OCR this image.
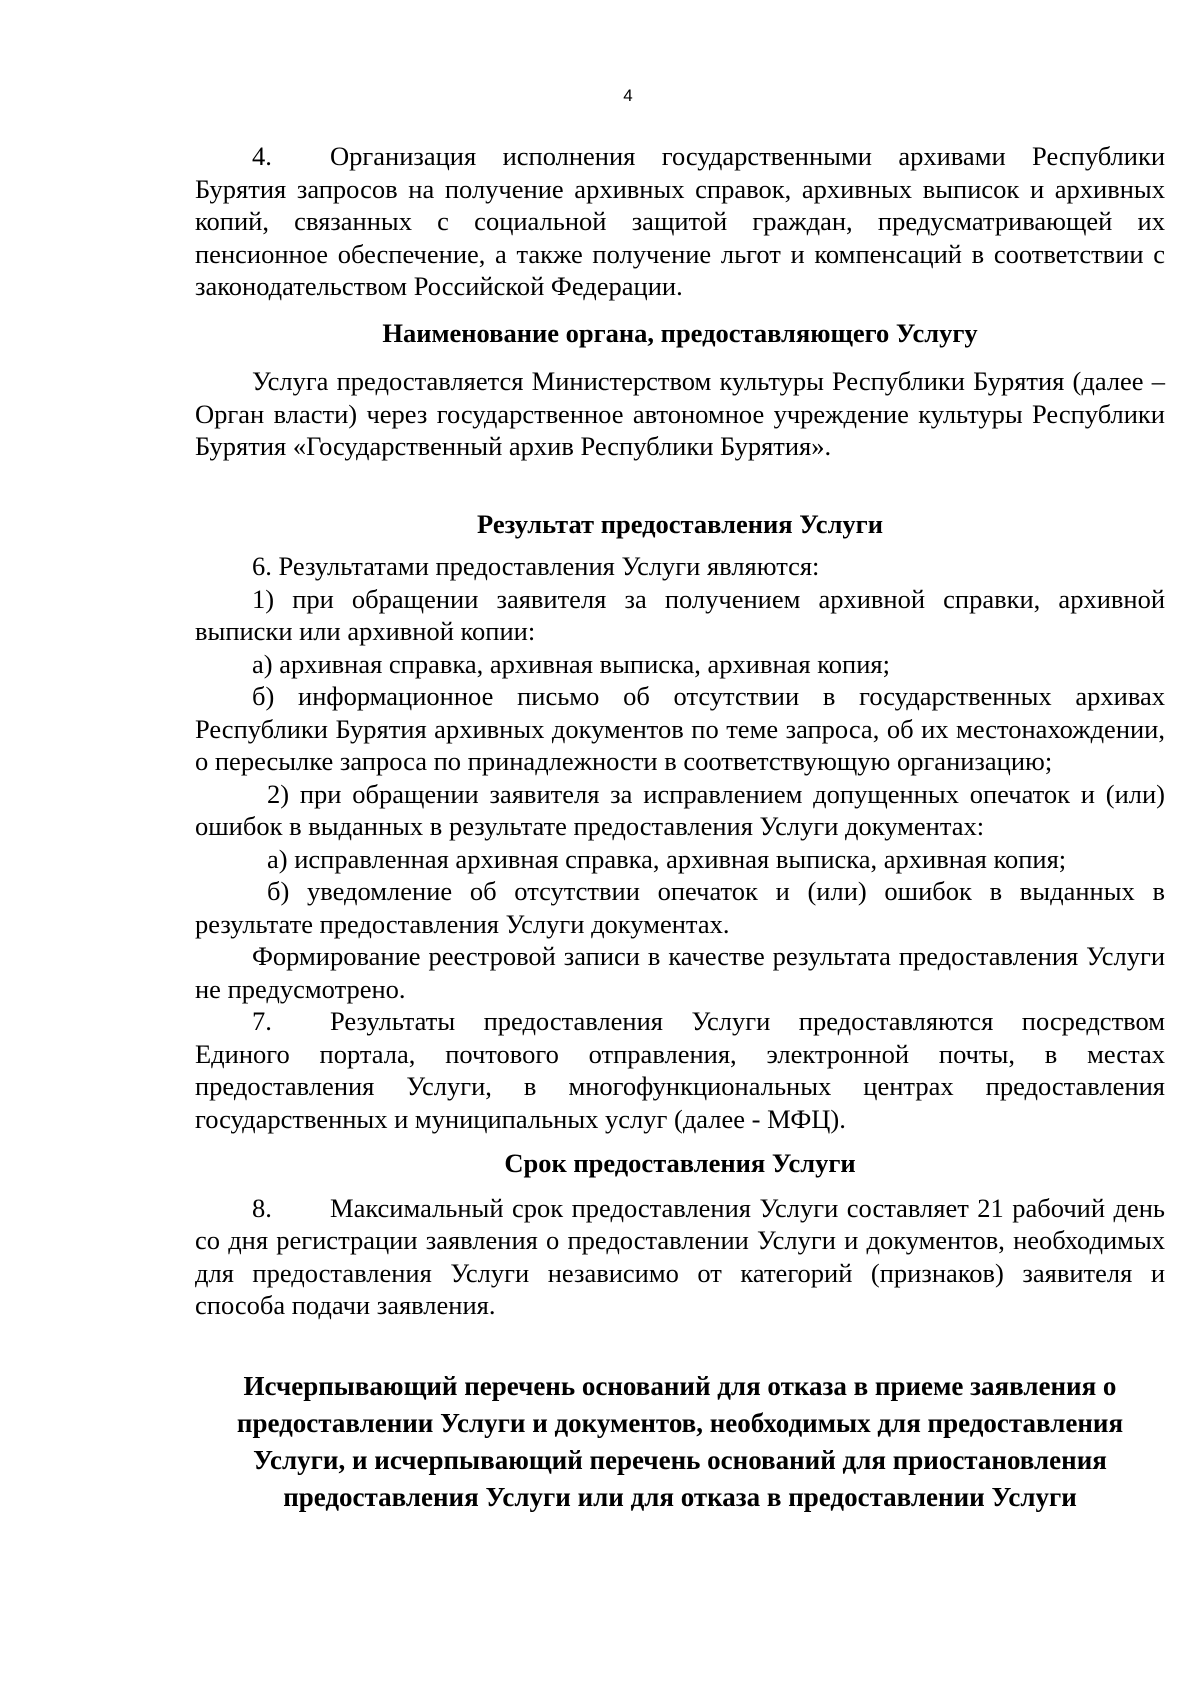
4

4. Организация исполнения государственными архивами Республики Бурятия запросов на получение архивных справок, архивных выписок и архивных копий, связанных с социальной защитой граждан, предусматривающей их пенсионное обеспечение, а также получение льгот и компенсаций в соответствии с законодательством Российской Федерации.

Наименование органа, предоставляющего Услугу

Услуга предоставляется Министерством культуры Республики Бурятия (далее – Орган власти) через государственное автономное учреждение культуры Республики Бурятия «Государственный архив Республики Бурятия».

Результат предоставления Услуги

6. Результатами предоставления Услуги являются:

1) при обращении заявителя за получением архивной справки, архивной выписки или архивной копии:

а) архивная справка, архивная выписка, архивная копия;

б) информационное письмо об отсутствии в государственных архивах Республики Бурятия архивных документов по теме запроса, об их местонахождении, о пересылке запроса по принадлежности в соответствующую организацию;

2) при обращении заявителя за исправлением допущенных опечаток и (или) ошибок в выданных в результате предоставления Услуги документах:

а) исправленная архивная справка, архивная выписка, архивная копия;

б) уведомление об отсутствии опечаток и (или) ошибок в выданных в результате предоставления Услуги документах.

Формирование реестровой записи в качестве результата предоставления Услуги не предусмотрено.

7. Результаты предоставления Услуги предоставляются посредством Единого портала, почтового отправления, электронной почты, в местах предоставления Услуги, в многофункциональных центрах предоставления государственных и муниципальных услуг (далее - МФЦ).

Срок предоставления Услуги

8. Максимальный срок предоставления Услуги составляет 21 рабочий день со дня регистрации заявления о предоставлении Услуги и документов, необходимых для предоставления Услуги независимо от категорий (признаков) заявителя и способа подачи заявления.

Исчерпывающий перечень оснований для отказа в приеме заявления о предоставлении Услуги и документов, необходимых для предоставления Услуги, и исчерпывающий перечень оснований для приостановления предоставления Услуги или для отказа в предоставлении Услуги
